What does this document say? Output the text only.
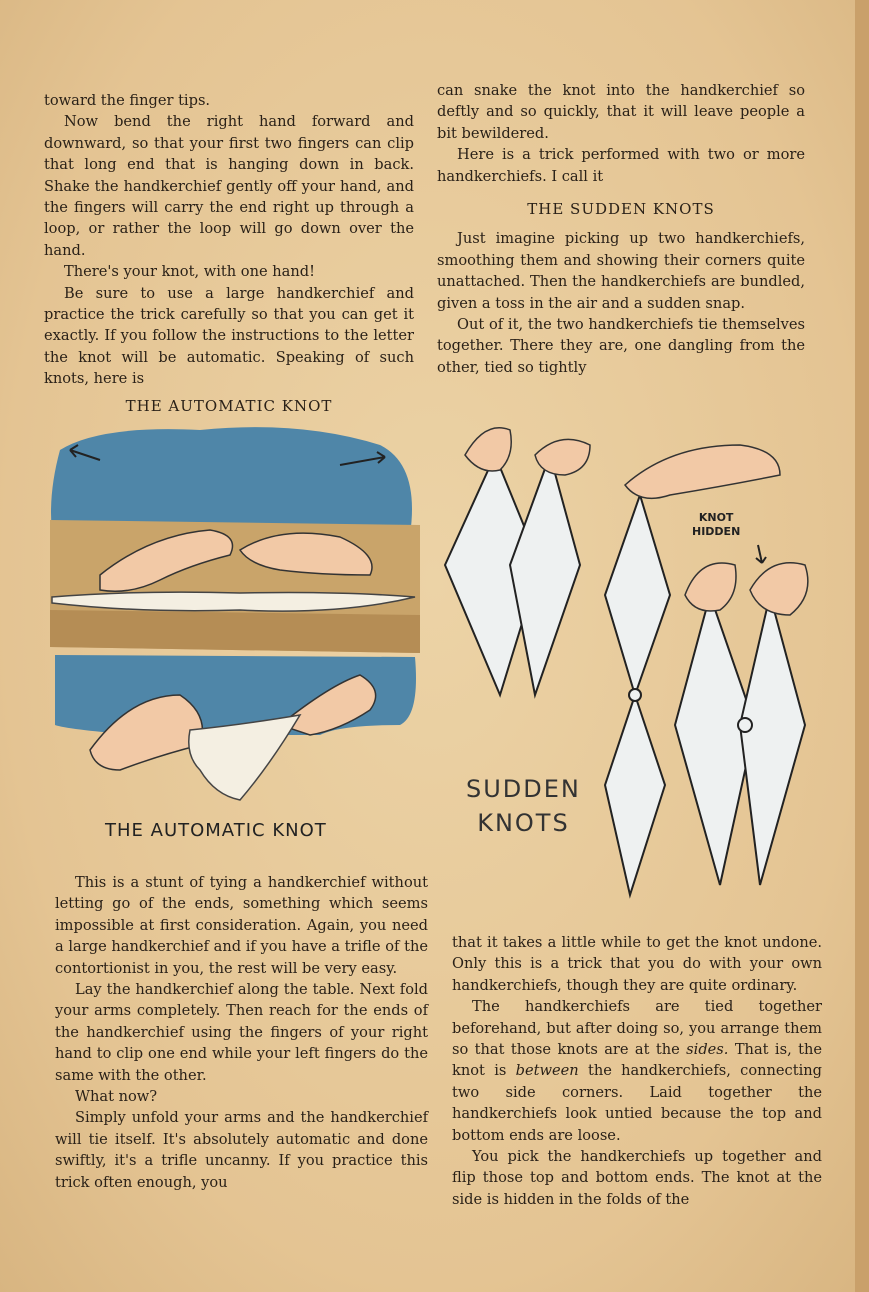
toward the finger tips.

Now bend the right hand forward and downward, so that your first two fingers can clip that long end that is hanging down in back. Shake the handkerchief gently off your hand, and the fingers will carry the end right up through a loop, or rather the loop will go down over the hand.

There's your knot, with one hand!

Be sure to use a large handkerchief and practice the trick carefully so that you can get it exactly. If you follow the instructions to the letter the knot will be automatic. Speaking of such knots, here is

THE AUTOMATIC KNOT

can snake the knot into the handkerchief so deftly and so quickly, that it will leave people a bit bewildered.

Here is a trick performed with two or more handkerchiefs. I call it

THE SUDDEN KNOTS

Just imagine picking up two handkerchiefs, smoothing them and showing their corners quite unattached. Then the handkerchiefs are bundled, given a toss in the air and a sudden snap.

Out of it, the two handkerchiefs tie themselves together. There they are, one dangling from the other, tied so tightly

THE AUTOMATIC KNOT
KNOT
HIDDEN
SUDDEN
KNOTS

This is a stunt of tying a handkerchief without letting go of the ends, something which seems impossible at first consideration. Again, you need a large handkerchief and if you have a trifle of the contortionist in you, the rest will be very easy.

Lay the handkerchief along the table. Next fold your arms completely. Then reach for the ends of the handkerchief using the fingers of your right hand to clip one end while your left fingers do the same with the other.

What now?

Simply unfold your arms and the handkerchief will tie itself. It's absolutely automatic and done swiftly, it's a trifle uncanny. If you practice this trick often enough, you

that it takes a little while to get the knot undone. Only this is a trick that you do with your own handkerchiefs, though they are quite ordinary.

The handkerchiefs are tied together beforehand, but after doing so, you arrange them so that those knots are at the sides. That is, the knot is between the handkerchiefs, connecting two side corners. Laid together the handkerchiefs look untied because the top and bottom ends are loose.

You pick the handkerchiefs up together and flip those top and bottom ends. The knot at the side is hidden in the folds of the
